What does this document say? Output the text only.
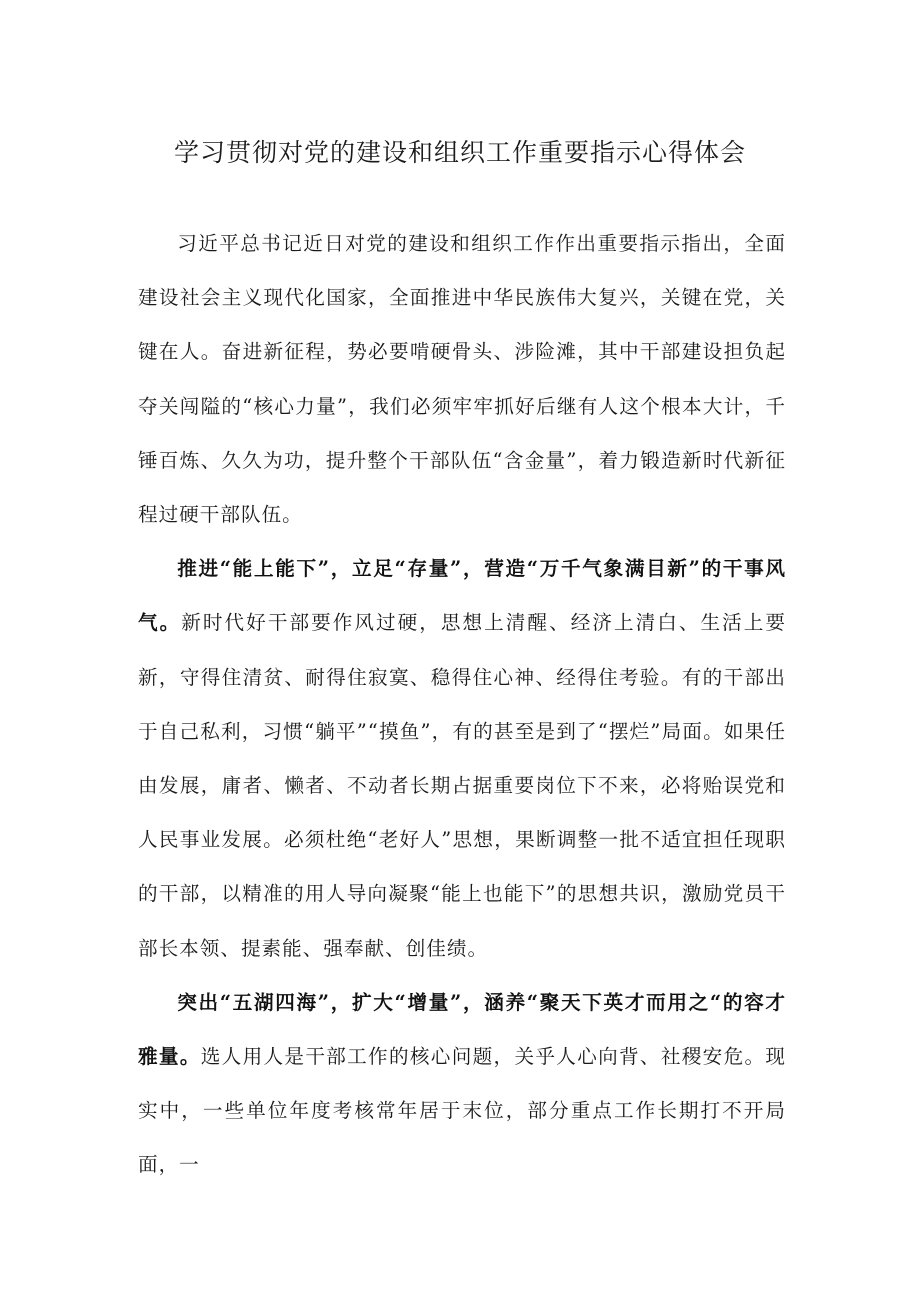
学习贯彻对党的建设和组织工作重要指示心得体会

习近平总书记近日对党的建设和组织工作作出重要指示指出，全面建设社会主义现代化国家，全面推进中华民族伟大复兴，关键在党，关键在人。奋进新征程，势必要啃硬骨头、涉险滩，其中干部建设担负起夺关闯隘的“核心力量”，我们必须牢牢抓好后继有人这个根本大计，千锤百炼、久久为功，提升整个干部队伍“含金量”，着力锻造新时代新征程过硬干部队伍。

推进“能上能下”，立足“存量”，营造“万千气象满目新”的干事风气。新时代好干部要作风过硬，思想上清醒、经济上清白、生活上要新，守得住清贫、耐得住寂寞、稳得住心神、经得住考验。有的干部出于自己私利，习惯“躺平”“摸鱼”，有的甚至是到了“摆烂”局面。如果任由发展，庸者、懒者、不动者长期占据重要岗位下不来，必将贻误党和人民事业发展。必须杜绝“老好人”思想，果断调整一批不适宜担任现职的干部，以精准的用人导向凝聚“能上也能下”的思想共识，激励党员干部长本领、提素能、强奉献、创佳绩。

突出“五湖四海”，扩大“增量”，涵养“聚天下英才而用之“的容才雅量。选人用人是干部工作的核心问题，关乎人心向背、社稷安危。现实中，一些单位年度考核常年居于末位，部分重点工作长期打不开局面，一
